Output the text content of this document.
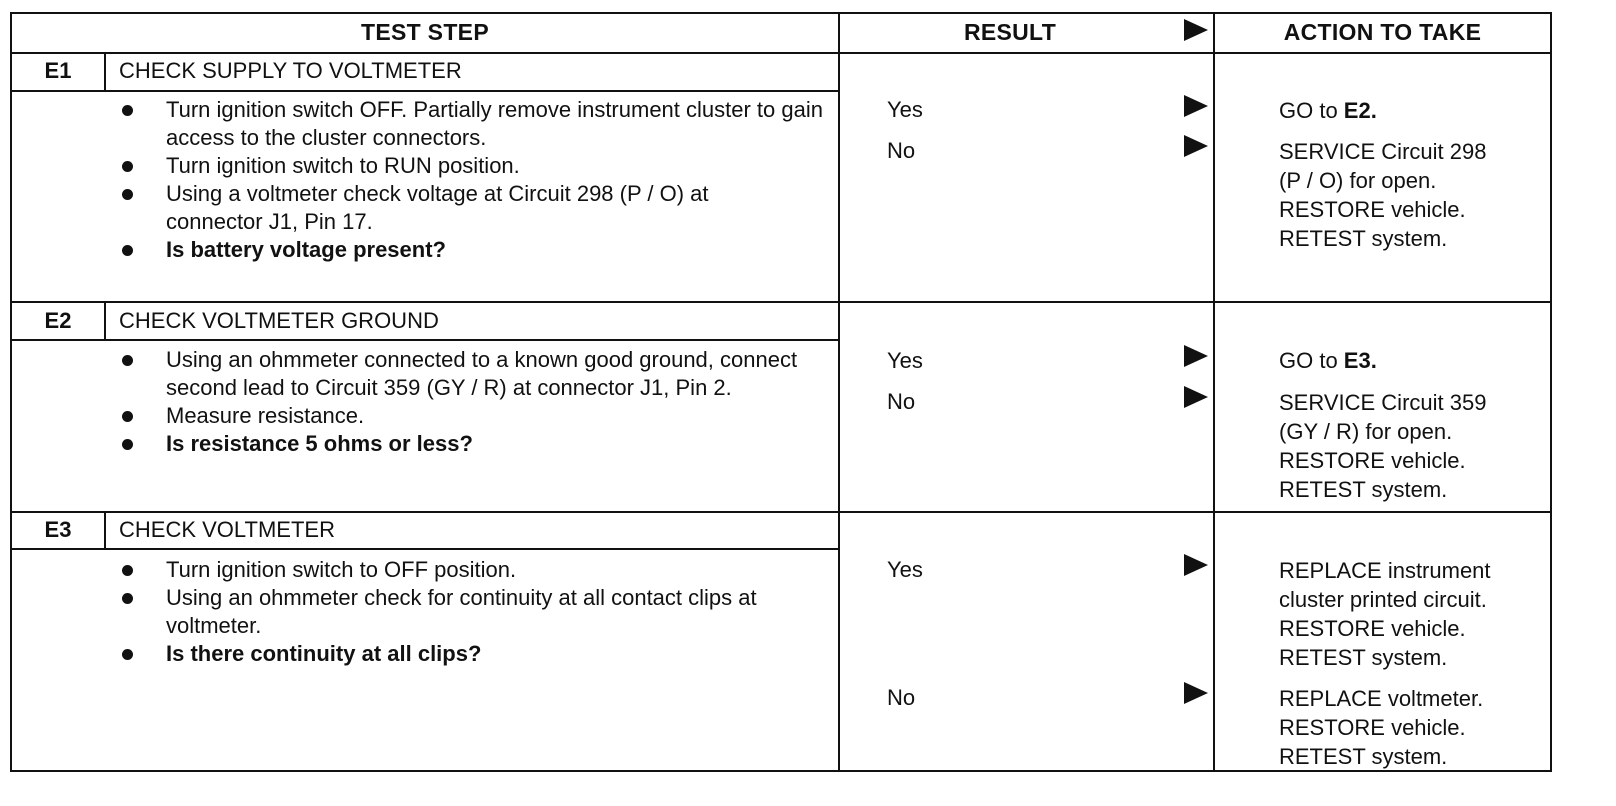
TEST STEP	RESULT	ACTION TO TAKE
E1	CHECK SUPPLY TO VOLTMETER
Turn ignition switch OFF. Partially remove instrument cluster to gain access to the cluster connectors.
Turn ignition switch to RUN position.
Using a voltmeter check voltage at Circuit 298 (P / O) at connector J1, Pin 17.
Is battery voltage present?
Yes	GO to E2.
No	SERVICE Circuit 298
(P / O) for open.
RESTORE vehicle.
RETEST system.
E2	CHECK VOLTMETER GROUND
Using an ohmmeter connected to a known good ground, connect second lead to Circuit 359 (GY / R) at connector J1, Pin 2.
Measure resistance.
Is resistance 5 ohms or less?
Yes	GO to E3.
No	SERVICE Circuit 359
(GY / R) for open.
RESTORE vehicle.
RETEST system.
E3	CHECK VOLTMETER
Turn ignition switch to OFF position.
Using an ohmmeter check for continuity at all contact clips at voltmeter.
Is there continuity at all clips?
Yes	REPLACE instrument
cluster printed circuit.
RESTORE vehicle.
RETEST system.
No	REPLACE voltmeter.
RESTORE vehicle.
RETEST system.
